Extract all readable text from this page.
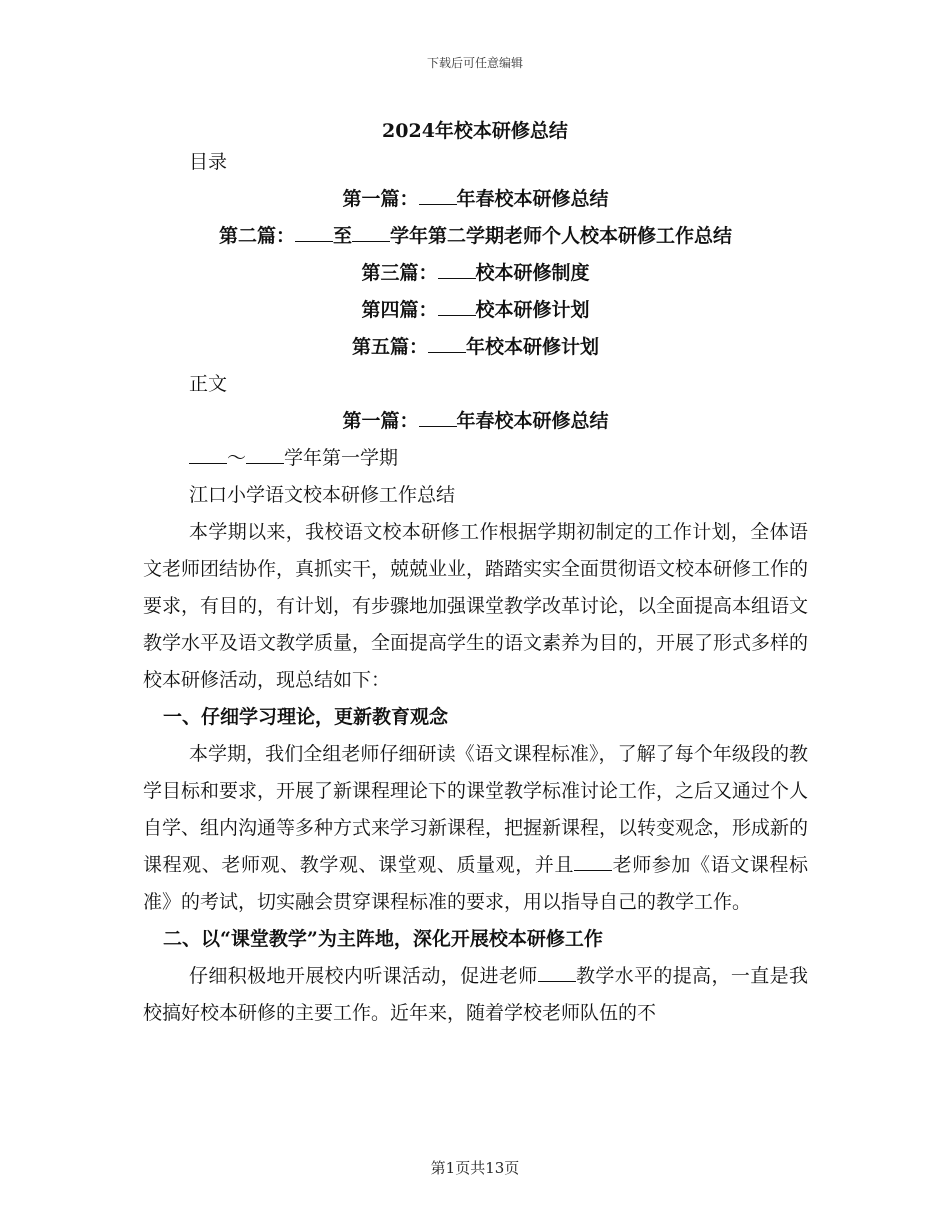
下载后可任意编辑
2024年校本研修总结
目录
第一篇： 年春校本研修总结
第二篇： 至 学年第二学期老师个人校本研修工作总结
第三篇： 校本研修制度
第四篇： 校本研修计划
第五篇： 年校本研修计划
正文
第一篇： 年春校本研修总结
～ 学年第一学期
江口小学语文校本研修工作总结

本学期以来，我校语文校本研修工作根据学期初制定的工作计划，全体语文老师团结协作，真抓实干，兢兢业业，踏踏实实全面贯彻语文校本研修工作的要求，有目的，有计划，有步骤地加强课堂教学改革讨论，以全面提高本组语文教学水平及语文教学质量，全面提高学生的语文素养为目的，开展了形式多样的校本研修活动，现总结如下：

一、仔细学习理论，更新教育观念

本学期，我们全组老师仔细研读《语文课程标准》，了解了每个年级段的教学目标和要求，开展了新课程理论下的课堂教学标准讨论工作，之后又通过个人自学、组内沟通等多种方式来学习新课程，把握新课程，以转变观念，形成新的课程观、老师观、教学观、课堂观、质量观，并且 老师参加《语文课程标准》的考试，切实融会贯穿课程标准的要求，用以指导自己的教学工作。

二、以“课堂教学”为主阵地，深化开展校本研修工作

仔细积极地开展校内听课活动，促进老师 教学水平的提高，一直是我校搞好校本研修的主要工作。近年来，随着学校老师队伍的不

第1页共13页
